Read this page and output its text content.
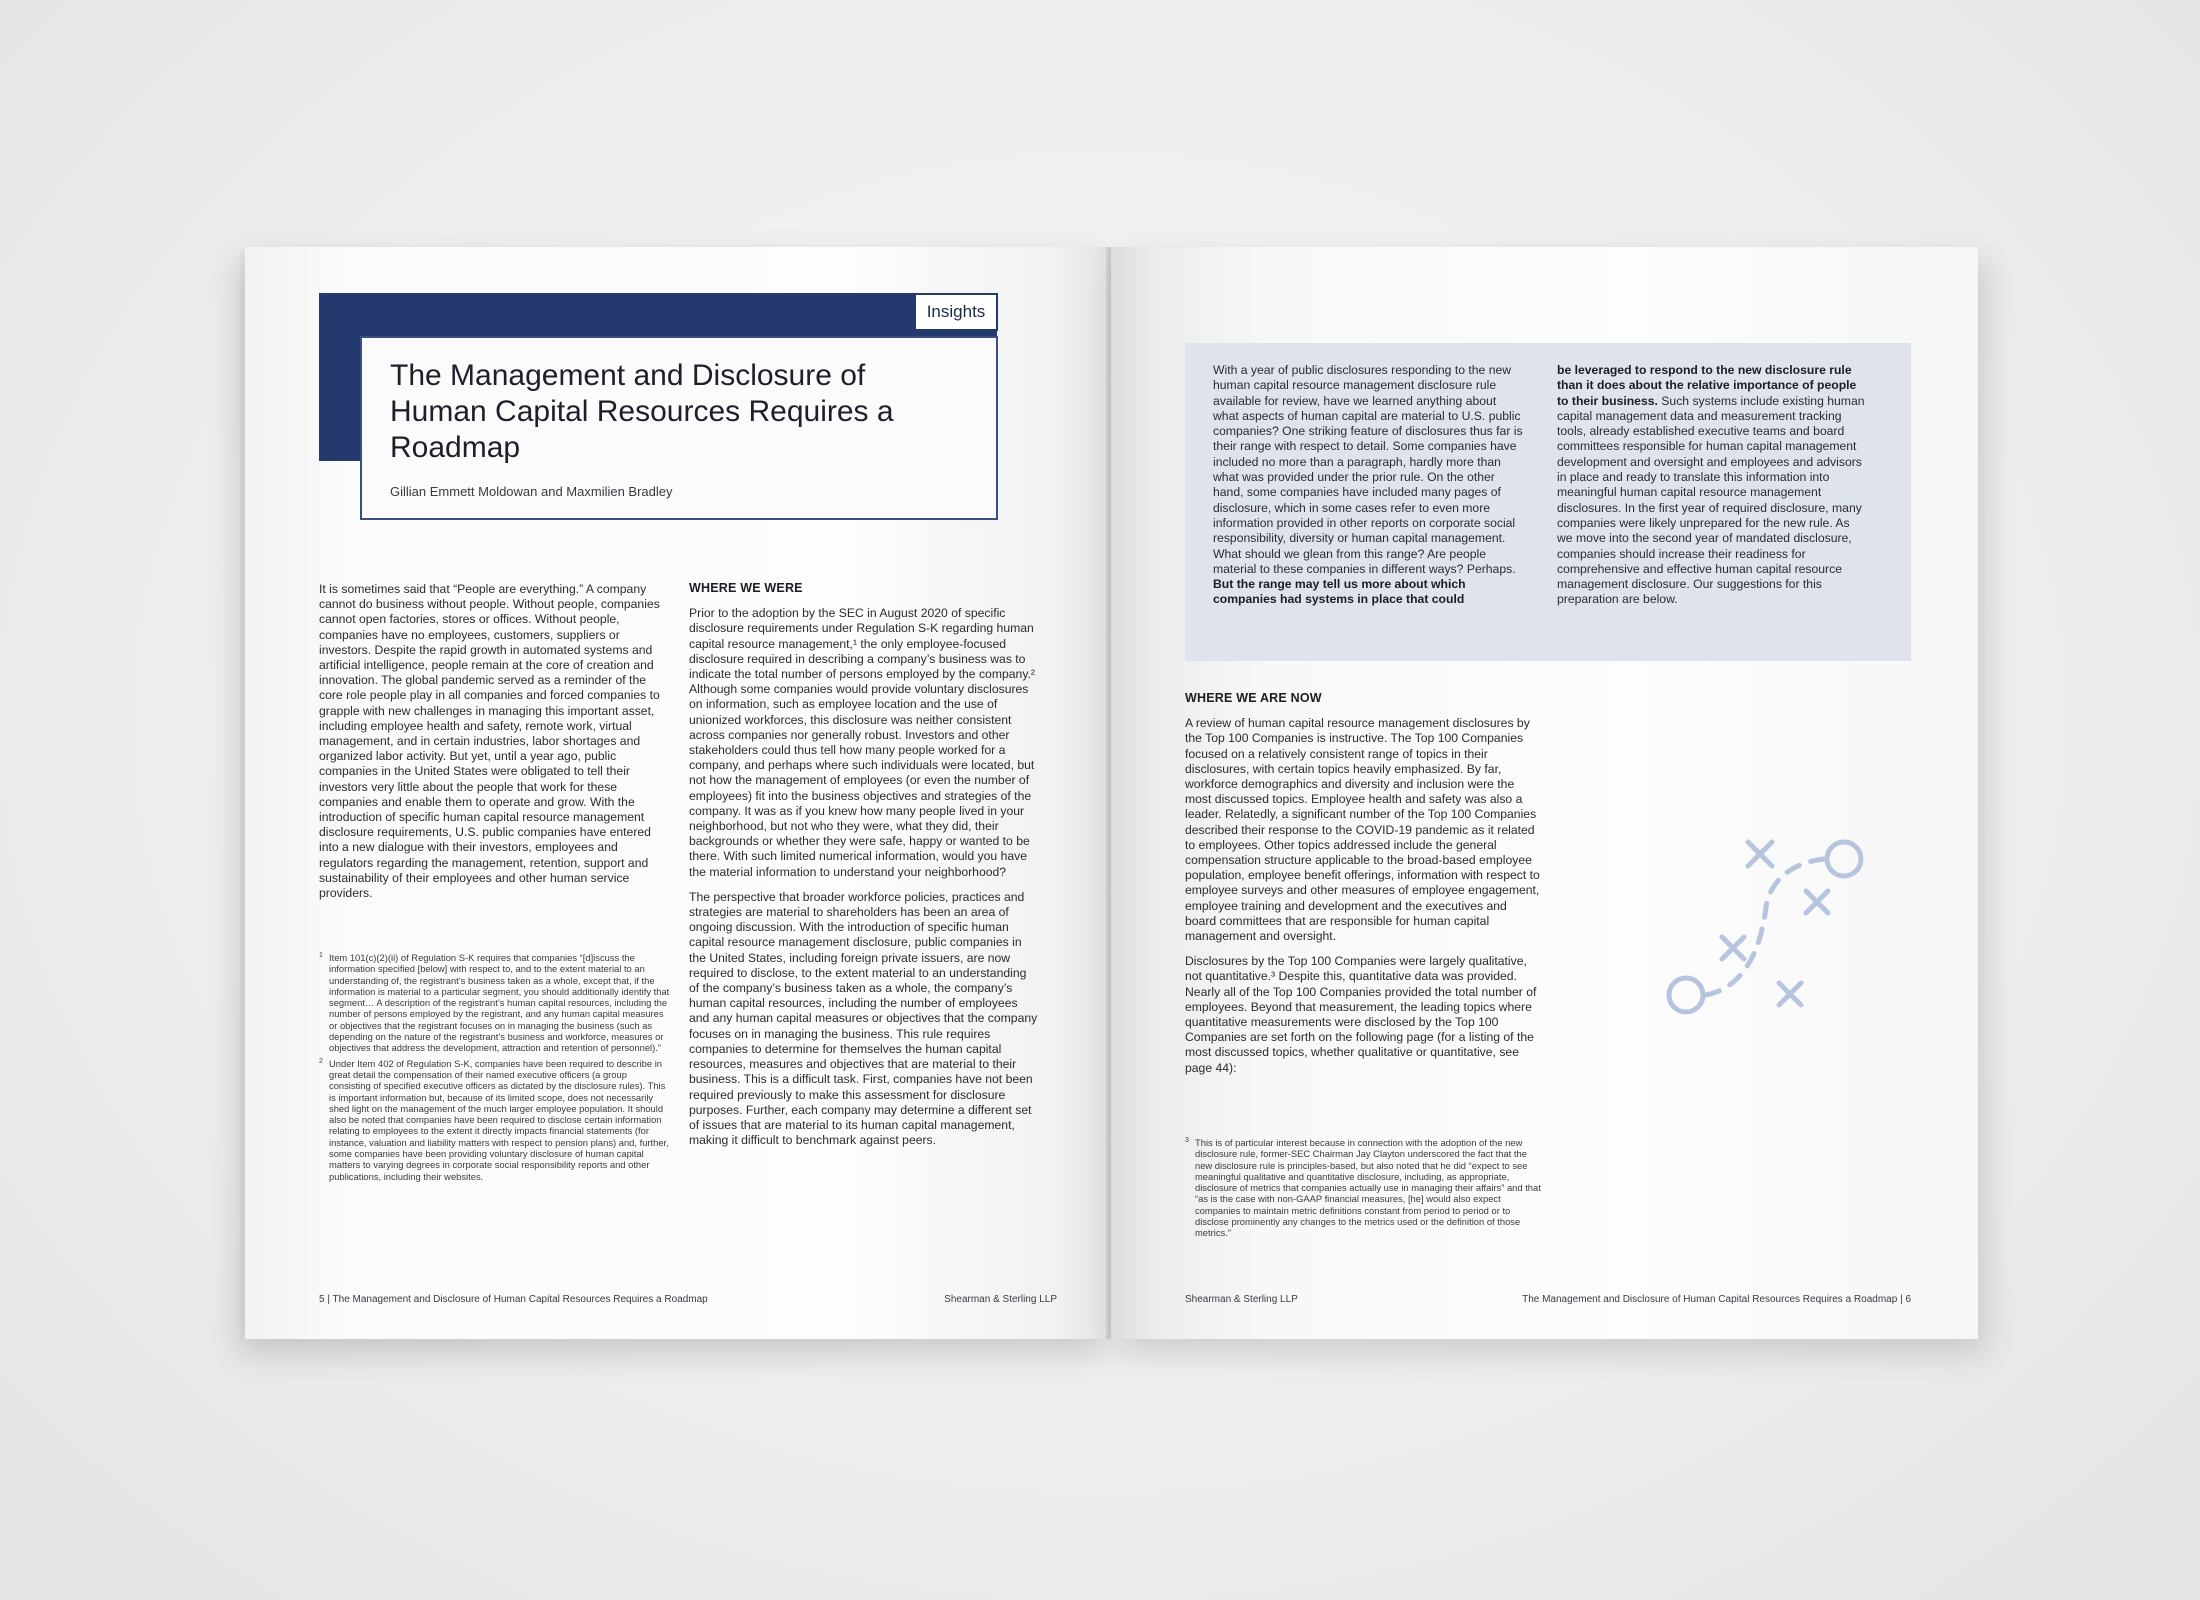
Insights
The Management and Disclosure of Human Capital Resources Requires a Roadmap
Gillian Emmett Moldowan and Maxmilien Bradley

It is sometimes said that “People are everything.” A company cannot do business without people. Without people, companies cannot open factories, stores or offices. Without people, companies have no employees, customers, suppliers or investors. Despite the rapid growth in automated systems and artificial intelligence, people remain at the core of creation and innovation. The global pandemic served as a reminder of the core role people play in all companies and forced companies to grapple with new challenges in managing this important asset, including employee health and safety, remote work, virtual management, and in certain industries, labor shortages and organized labor activity. But yet, until a year ago, public companies in the United States were obligated to tell their investors very little about the people that work for these companies and enable them to operate and grow. With the introduction of specific human capital resource management disclosure requirements, U.S. public companies have entered into a new dialogue with their investors, employees and regulators regarding the management, retention, support and sustainability of their employees and other human service providers.

1 Item 101(c)(2)(ii) of Regulation S-K requires that companies “[d]iscuss the information specified [below] with respect to, and to the extent material to an understanding of, the registrant’s business taken as a whole, except that, if the information is material to a particular segment, you should additionally identify that segment… A description of the registrant’s human capital resources, including the number of persons employed by the registrant, and any human capital measures or objectives that the registrant focuses on in managing the business (such as depending on the nature of the registrant’s business and workforce, measures or objectives that address the development, attraction and retention of personnel).”
2 Under Item 402 of Regulation S-K, companies have been required to describe in great detail the compensation of their named executive officers (a group consisting of specified executive officers as dictated by the disclosure rules). This is important information but, because of its limited scope, does not necessarily shed light on the management of the much larger employee population. It should also be noted that companies have been required to disclose certain information relating to employees to the extent it directly impacts financial statements (for instance, valuation and liability matters with respect to pension plans) and, further, some companies have been providing voluntary disclosure of human capital matters to varying degrees in corporate social responsibility reports and other publications, including their websites.
WHERE WE WERE

Prior to the adoption by the SEC in August 2020 of specific disclosure requirements under Regulation S-K regarding human capital resource management,¹ the only employee-focused disclosure required in describing a company’s business was to indicate the total number of persons employed by the company.² Although some companies would provide voluntary disclosures on information, such as employee location and the use of unionized workforces, this disclosure was neither consistent across companies nor generally robust. Investors and other stakeholders could thus tell how many people worked for a company, and perhaps where such individuals were located, but not how the management of employees (or even the number of employees) fit into the business objectives and strategies of the company. It was as if you knew how many people lived in your neighborhood, but not who they were, what they did, their backgrounds or whether they were safe, happy or wanted to be there. With such limited numerical information, would you have the material information to understand your neighborhood?

The perspective that broader workforce policies, practices and strategies are material to shareholders has been an area of ongoing discussion. With the introduction of specific human capital resource management disclosure, public companies in the United States, including foreign private issuers, are now required to disclose, to the extent material to an understanding of the company’s business taken as a whole, the company’s human capital resources, including the number of employees and any human capital measures or objectives that the company focuses on in managing the business. This rule requires companies to determine for themselves the human capital resources, measures and objectives that are material to their business. This is a difficult task. First, companies have not been required previously to make this assessment for disclosure purposes. Further, each company may determine a different set of issues that are material to its human capital management, making it difficult to benchmark against peers.

5 | The Management and Disclosure of Human Capital Resources Requires a Roadmap	Shearman & Sterling LLP
With a year of public disclosures responding to the new human capital resource management disclosure rule available for review, have we learned anything about what aspects of human capital are material to U.S. public companies? One striking feature of disclosures thus far is their range with respect to detail. Some companies have included no more than a paragraph, hardly more than what was provided under the prior rule. On the other hand, some companies have included many pages of disclosure, which in some cases refer to even more information provided in other reports on corporate social responsibility, diversity or human capital management. What should we glean from this range? Are people material to these companies in different ways? Perhaps. But the range may tell us more about which companies had systems in place that could
be leveraged to respond to the new disclosure rule than it does about the relative importance of people to their business. Such systems include existing human capital management data and measurement tracking tools, already established executive teams and board committees responsible for human capital management development and oversight and employees and advisors in place and ready to translate this information into meaningful human capital resource management disclosures. In the first year of required disclosure, many companies were likely unprepared for the new rule. As we move into the second year of mandated disclosure, companies should increase their readiness for comprehensive and effective human capital resource management disclosure. Our suggestions for this preparation are below.
WHERE WE ARE NOW

A review of human capital resource management disclosures by the Top 100 Companies is instructive. The Top 100 Companies focused on a relatively consistent range of topics in their disclosures, with certain topics heavily emphasized. By far, workforce demographics and diversity and inclusion were the most discussed topics. Employee health and safety was also a leader. Relatedly, a significant number of the Top 100 Companies described their response to the COVID-19 pandemic as it related to employees. Other topics addressed include the general compensation structure applicable to the broad-based employee population, employee benefit offerings, information with respect to employee surveys and other measures of employee engagement, employee training and development and the executives and board committees that are responsible for human capital management and oversight.

Disclosures by the Top 100 Companies were largely qualitative, not quantitative.³ Despite this, quantitative data was provided. Nearly all of the Top 100 Companies provided the total number of employees. Beyond that measurement, the leading topics where quantitative measurements were disclosed by the Top 100 Companies are set forth on the following page (for a listing of the most discussed topics, whether qualitative or quantitative, see page 44):

3 This is of particular interest because in connection with the adoption of the new disclosure rule, former-SEC Chairman Jay Clayton underscored the fact that the new disclosure rule is principles-based, but also noted that he did “expect to see meaningful qualitative and quantitative disclosure, including, as appropriate, disclosure of metrics that companies actually use in managing their affairs” and that “as is the case with non-GAAP financial measures, [he] would also expect companies to maintain metric definitions constant from period to period or to disclose prominently any changes to the metrics used or the definition of those metrics.”
Shearman & Sterling LLP	The Management and Disclosure of Human Capital Resources Requires a Roadmap | 6
